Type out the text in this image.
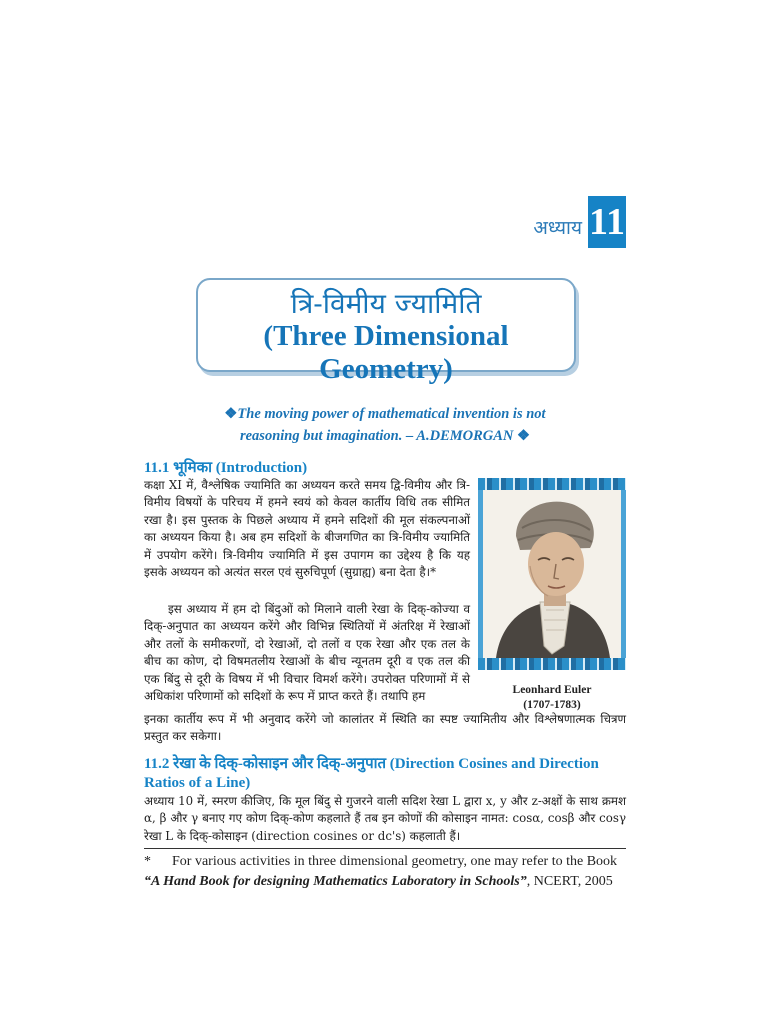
अध्याय 11
त्रि-विमीय ज्यामिति
(Three Dimensional Geometry)
❖The moving power of mathematical invention is not
reasoning but imagination. – A.DEMORGAN ❖
11.1 भूमिका (Introduction)
कक्षा XI में, वैश्लेषिक ज्यामिति का अध्ययन करते समय द्वि-विमीय और त्रि-विमीय विषयों के परिचय में हमने स्वयं को केवल कार्तीय विधि तक सीमित रखा है। इस पुस्तक के पिछले अध्याय में हमने सदिशों की मूल संकल्पनाओं का अध्ययन किया है। अब हम सदिशों के बीजगणित का त्रि-विमीय ज्यामिति में उपयोग करेंगे। त्रि-विमीय ज्यामिति में इस उपागम का उद्देश्य है कि यह इसके अध्ययन को अत्यंत सरल एवं सुरुचिपूर्ण (सुग्राह्य) बना देता है।*
इस अध्याय में हम दो बिंदुओं को मिलाने वाली रेखा के दिक्-कोज्या व दिक्-अनुपात का अध्ययन करेंगे और विभिन्न स्थितियों में अंतरिक्ष में रेखाओं और तलों के समीकरणों, दो रेखाओं, दो तलों व एक रेखा और एक तल के बीच का कोण, दो विषमतलीय रेखाओं के बीच न्यूनतम दूरी व एक तल की एक बिंदु से दूरी के विषय में भी विचार विमर्श करेंगे। उपरोक्त परिणामों में से अधिकांश परिणामों को सदिशों के रूप में प्राप्त करते हैं। तथापि हम
इनका कार्तीय रूप में भी अनुवाद करेंगे जो कालांतर में स्थिति का स्पष्ट ज्यामितीय और विश्लेषणात्मक चित्रण प्रस्तुत कर सकेगा।
Leonhard Euler
(1707-1783)
11.2 रेखा के दिक्-कोसाइन और दिक्-अनुपात (Direction Cosines and Direction Ratios of a Line)
अध्याय 10 में, स्मरण कीजिए, कि मूल बिंदु से गुजरने वाली सदिश रेखा L द्वारा x, y और z-अक्षों के साथ क्रमश α, β और γ बनाए गए कोण दिक्-कोण कहलाते हैं तब इन कोणों की कोसाइन नामत: cosα, cosβ और cosγ रेखा L के दिक्-कोसाइन (direction cosines or dc's) कहलाती हैं।
* For various activities in three dimensional geometry, one may refer to the Book
“A Hand Book for designing Mathematics Laboratory in Schools”, NCERT, 2005
